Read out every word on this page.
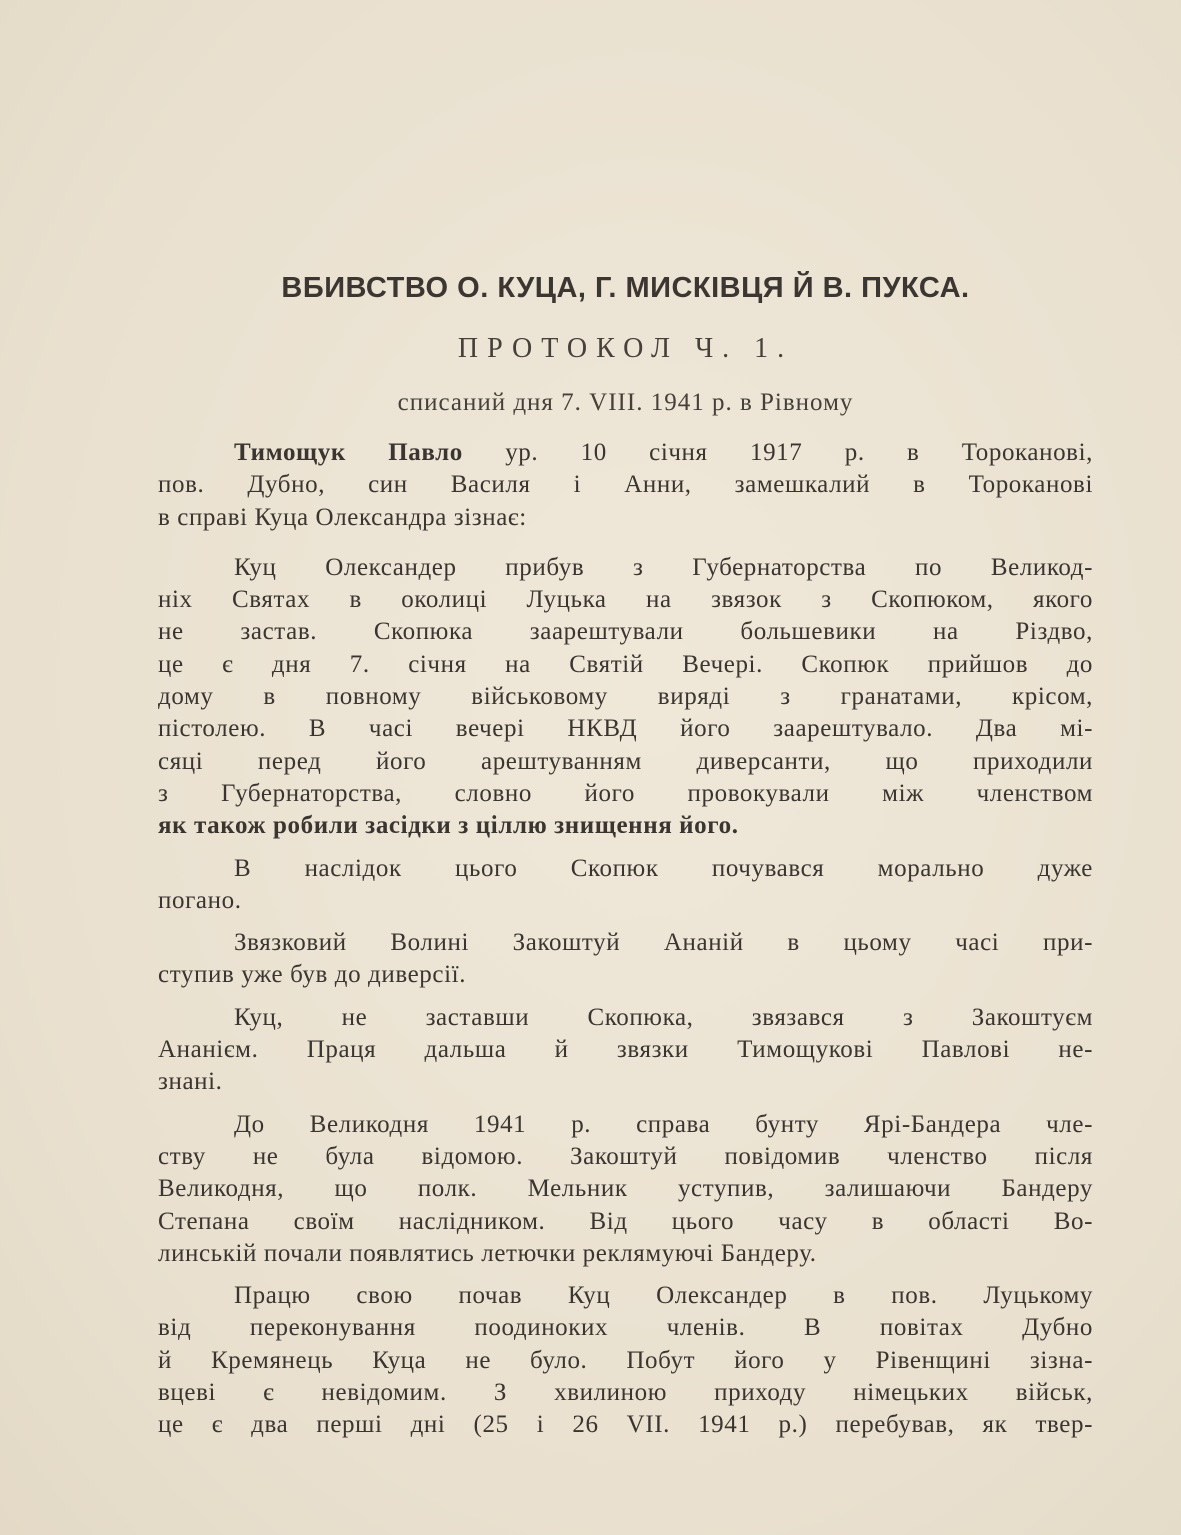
ВБИВСТВО О. КУЦА, Г. МИСКІВЦЯ Й В. ПУКСА.
ПРОТОКОЛ Ч. 1.
списаний дня 7. VIII. 1941 р. в Рівному
Тимощук Павло ур. 10 січня 1917 р. в Тороканові,
пов. Дубно, син Василя і Анни, замешкалий в Тороканові
в справі Куца Олександра зізнає:
Куц Олександер прибув з Губернаторства по Великод-
ніх Святах в околиці Луцька на звязок з Скопюком, якого
не застав. Скопюка заарештували большевики на Різдво,
це є дня 7. січня на Святій Вечері. Скопюк прийшов до
дому в повному військовому виряді з гранатами, крісом,
пістолею. В часі вечері НКВД його заарештувало. Два мі-
сяці перед його арештуванням диверсанти, що приходили
з Губернаторства, словно його провокували між членством
як також робили засідки з ціллю знищення його.
В наслідок цього Скопюк почувався морально дуже
погано.
Звязковий Волині Закоштуй Ананій в цьому часі при-
ступив уже був до диверсії.
Куц, не заставши Скопюка, звязався з Закоштуєм
Ананієм. Праця дальша й звязки Тимощукові Павлові не-
знані.
До Великодня 1941 р. справа бунту Ярі-Бандера чле-
ству не була відомою. Закоштуй повідомив членство після
Великодня, що полк. Мельник уступив, залишаючи Бандеру
Степана своїм наслідником. Від цього часу в області Во-
линській почали появлятись летючки реклямуючі Бандеру.
Працю свою почав Куц Олександер в пов. Луцькому
від переконування поодиноких членів. В повітах Дубно
й Кремянець Куца не було. Побут його у Рівенщині зізна-
вцеві є невідомим. З хвилиною приходу німецьких військ,
це є два перші дні (25 і 26 VII. 1941 р.) перебував, як твер-
